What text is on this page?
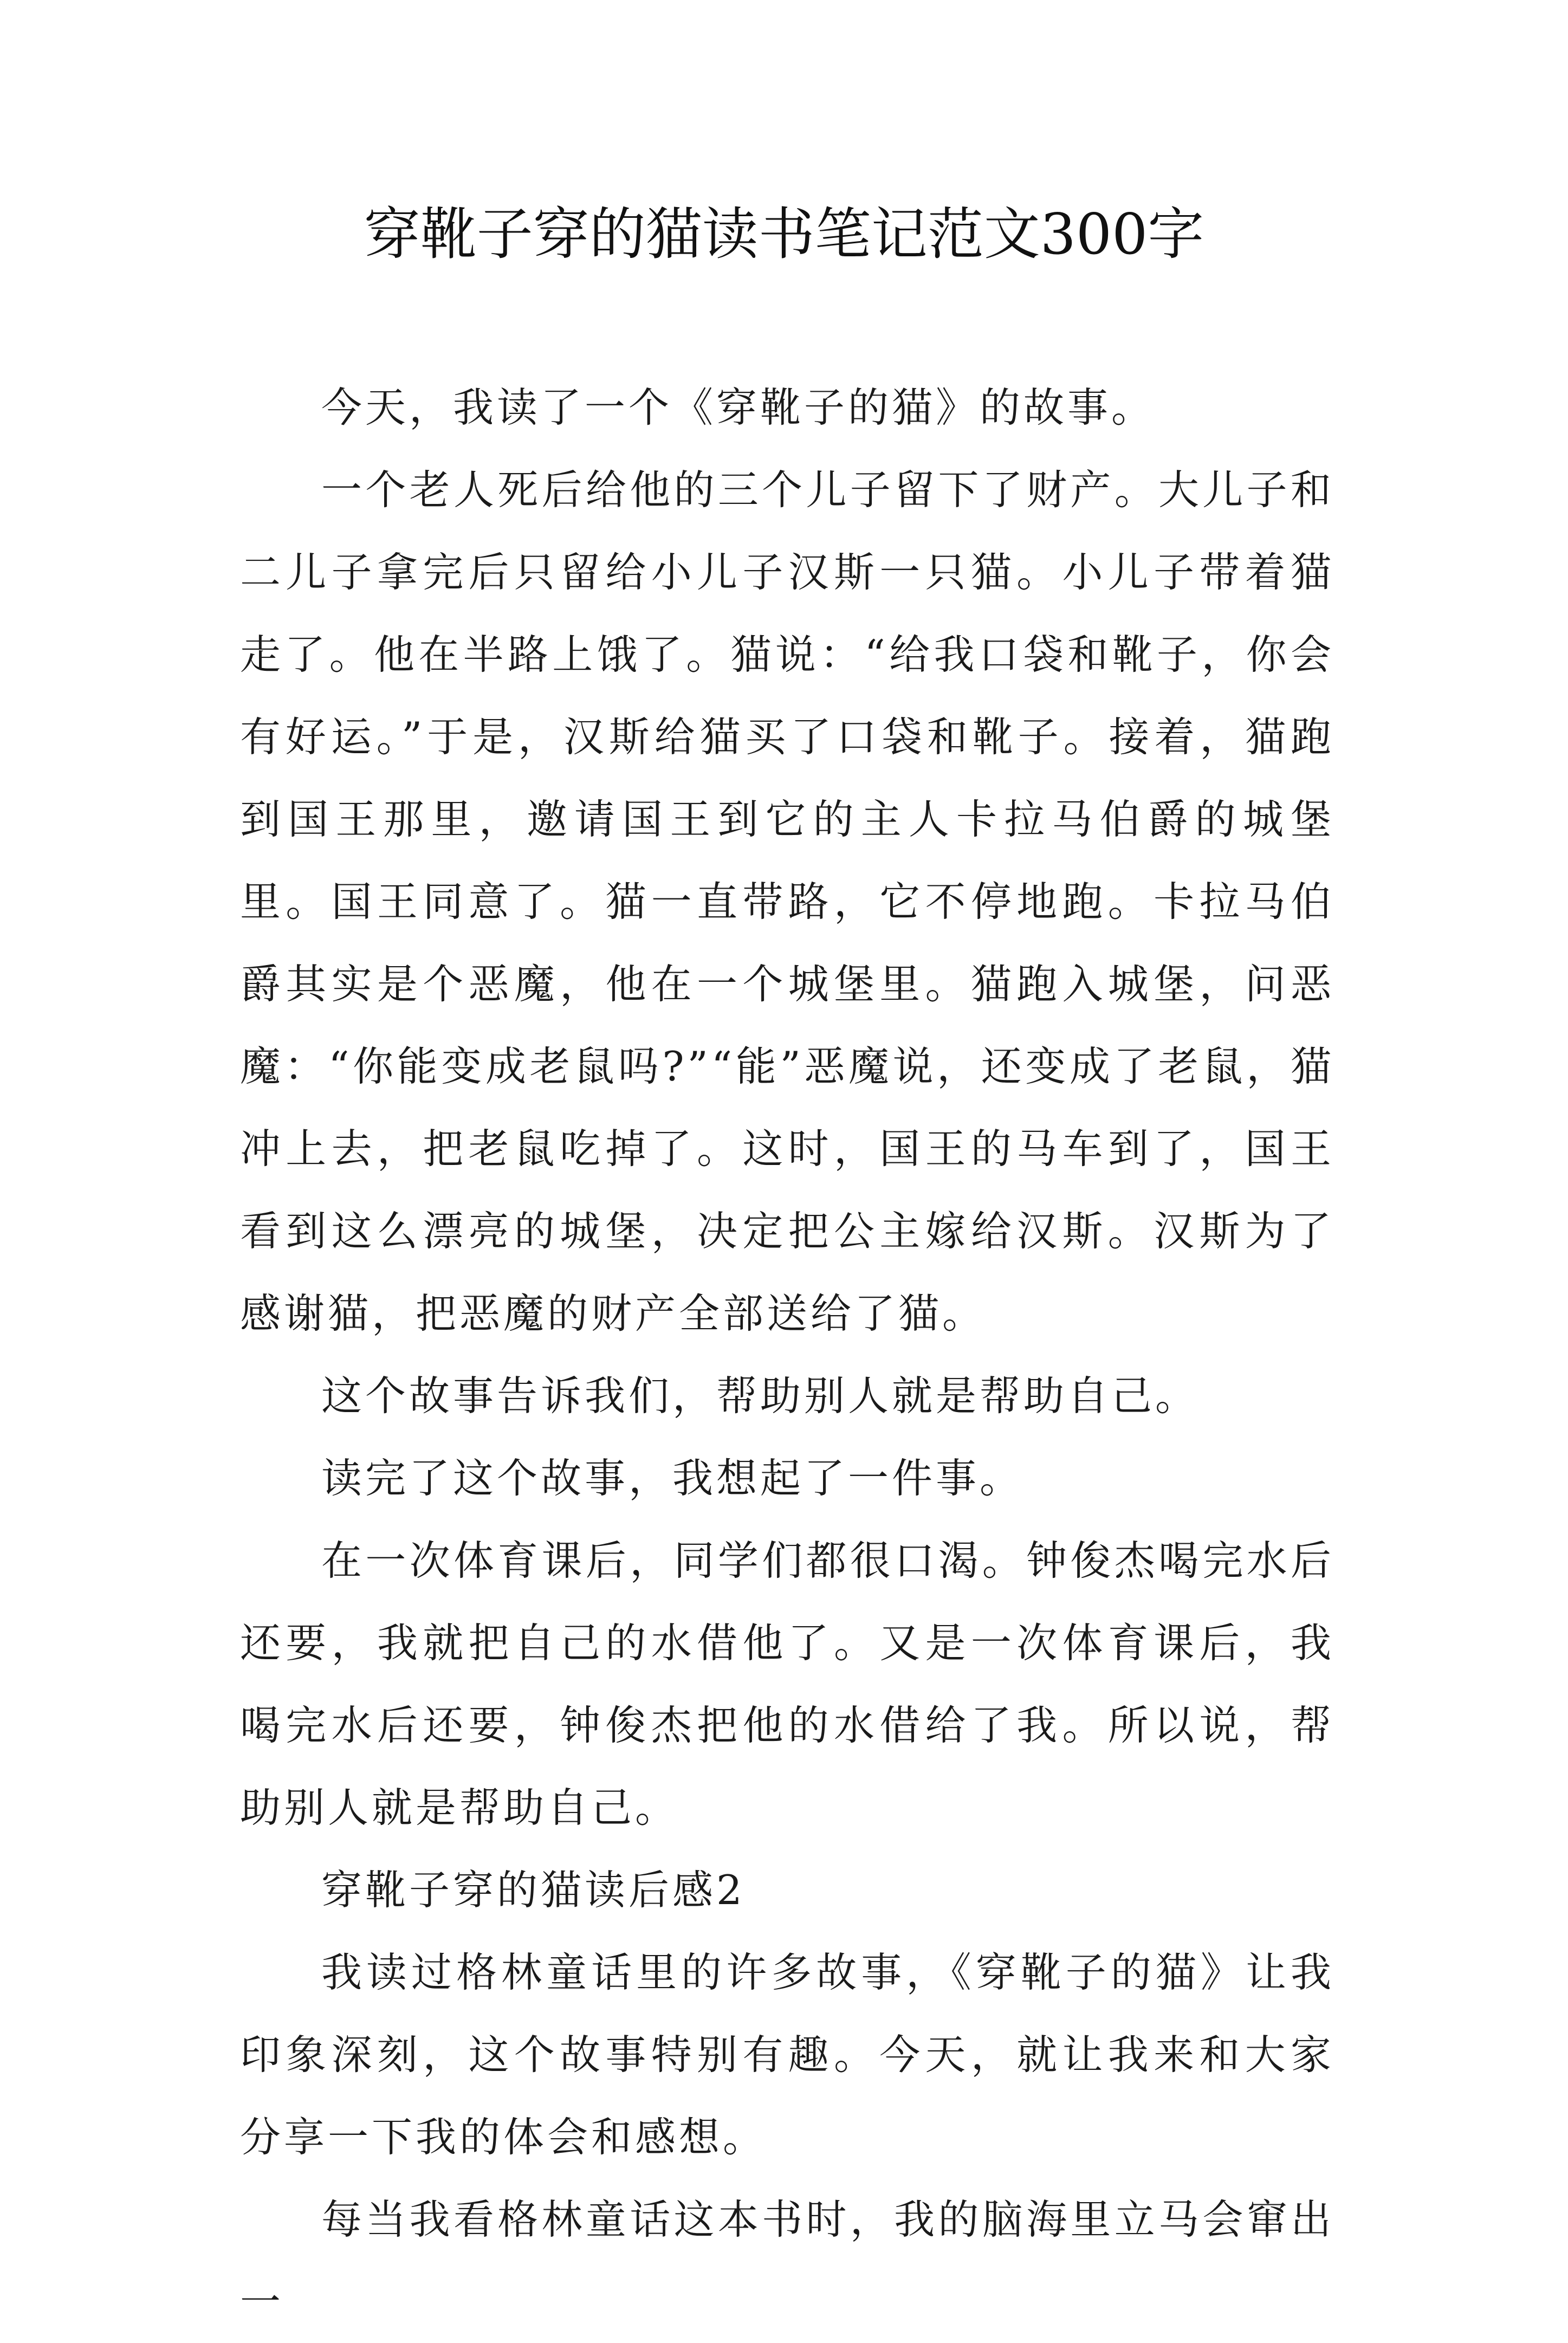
穿靴子穿的猫读书笔记范文300字

今天，我读了一个《穿靴子的猫》的故事。

一个老人死后给他的三个儿子留下了财产。大儿子和二儿子拿完后只留给小儿子汉斯一只猫。小儿子带着猫走了。他在半路上饿了。猫说：“给我口袋和靴子，你会有好运。”于是，汉斯给猫买了口袋和靴子。接着，猫跑到国王那里，邀请国王到它的主人卡拉马伯爵的城堡里。国王同意了。猫一直带路，它不停地跑。卡拉马伯爵其实是个恶魔，他在一个城堡里。猫跑入城堡，问恶魔：“你能变成老鼠吗?”“能”恶魔说，还变成了老鼠，猫冲上去，把老鼠吃掉了。这时，国王的马车到了，国王看到这么漂亮的城堡，决定把公主嫁给汉斯。汉斯为了感谢猫，把恶魔的财产全部送给了猫。

这个故事告诉我们，帮助别人就是帮助自己。

读完了这个故事，我想起了一件事。

在一次体育课后，同学们都很口渴。钟俊杰喝完水后还要，我就把自己的水借他了。又是一次体育课后，我喝完水后还要，钟俊杰把他的水借给了我。所以说，帮助别人就是帮助自己。

穿靴子穿的猫读后感2

我读过格林童话里的许多故事，《穿靴子的猫》让我印象深刻，这个故事特别有趣。今天，就让我来和大家分享一下我的体会和感想。

每当我看格林童话这本书时，我的脑海里立马会窜出一
